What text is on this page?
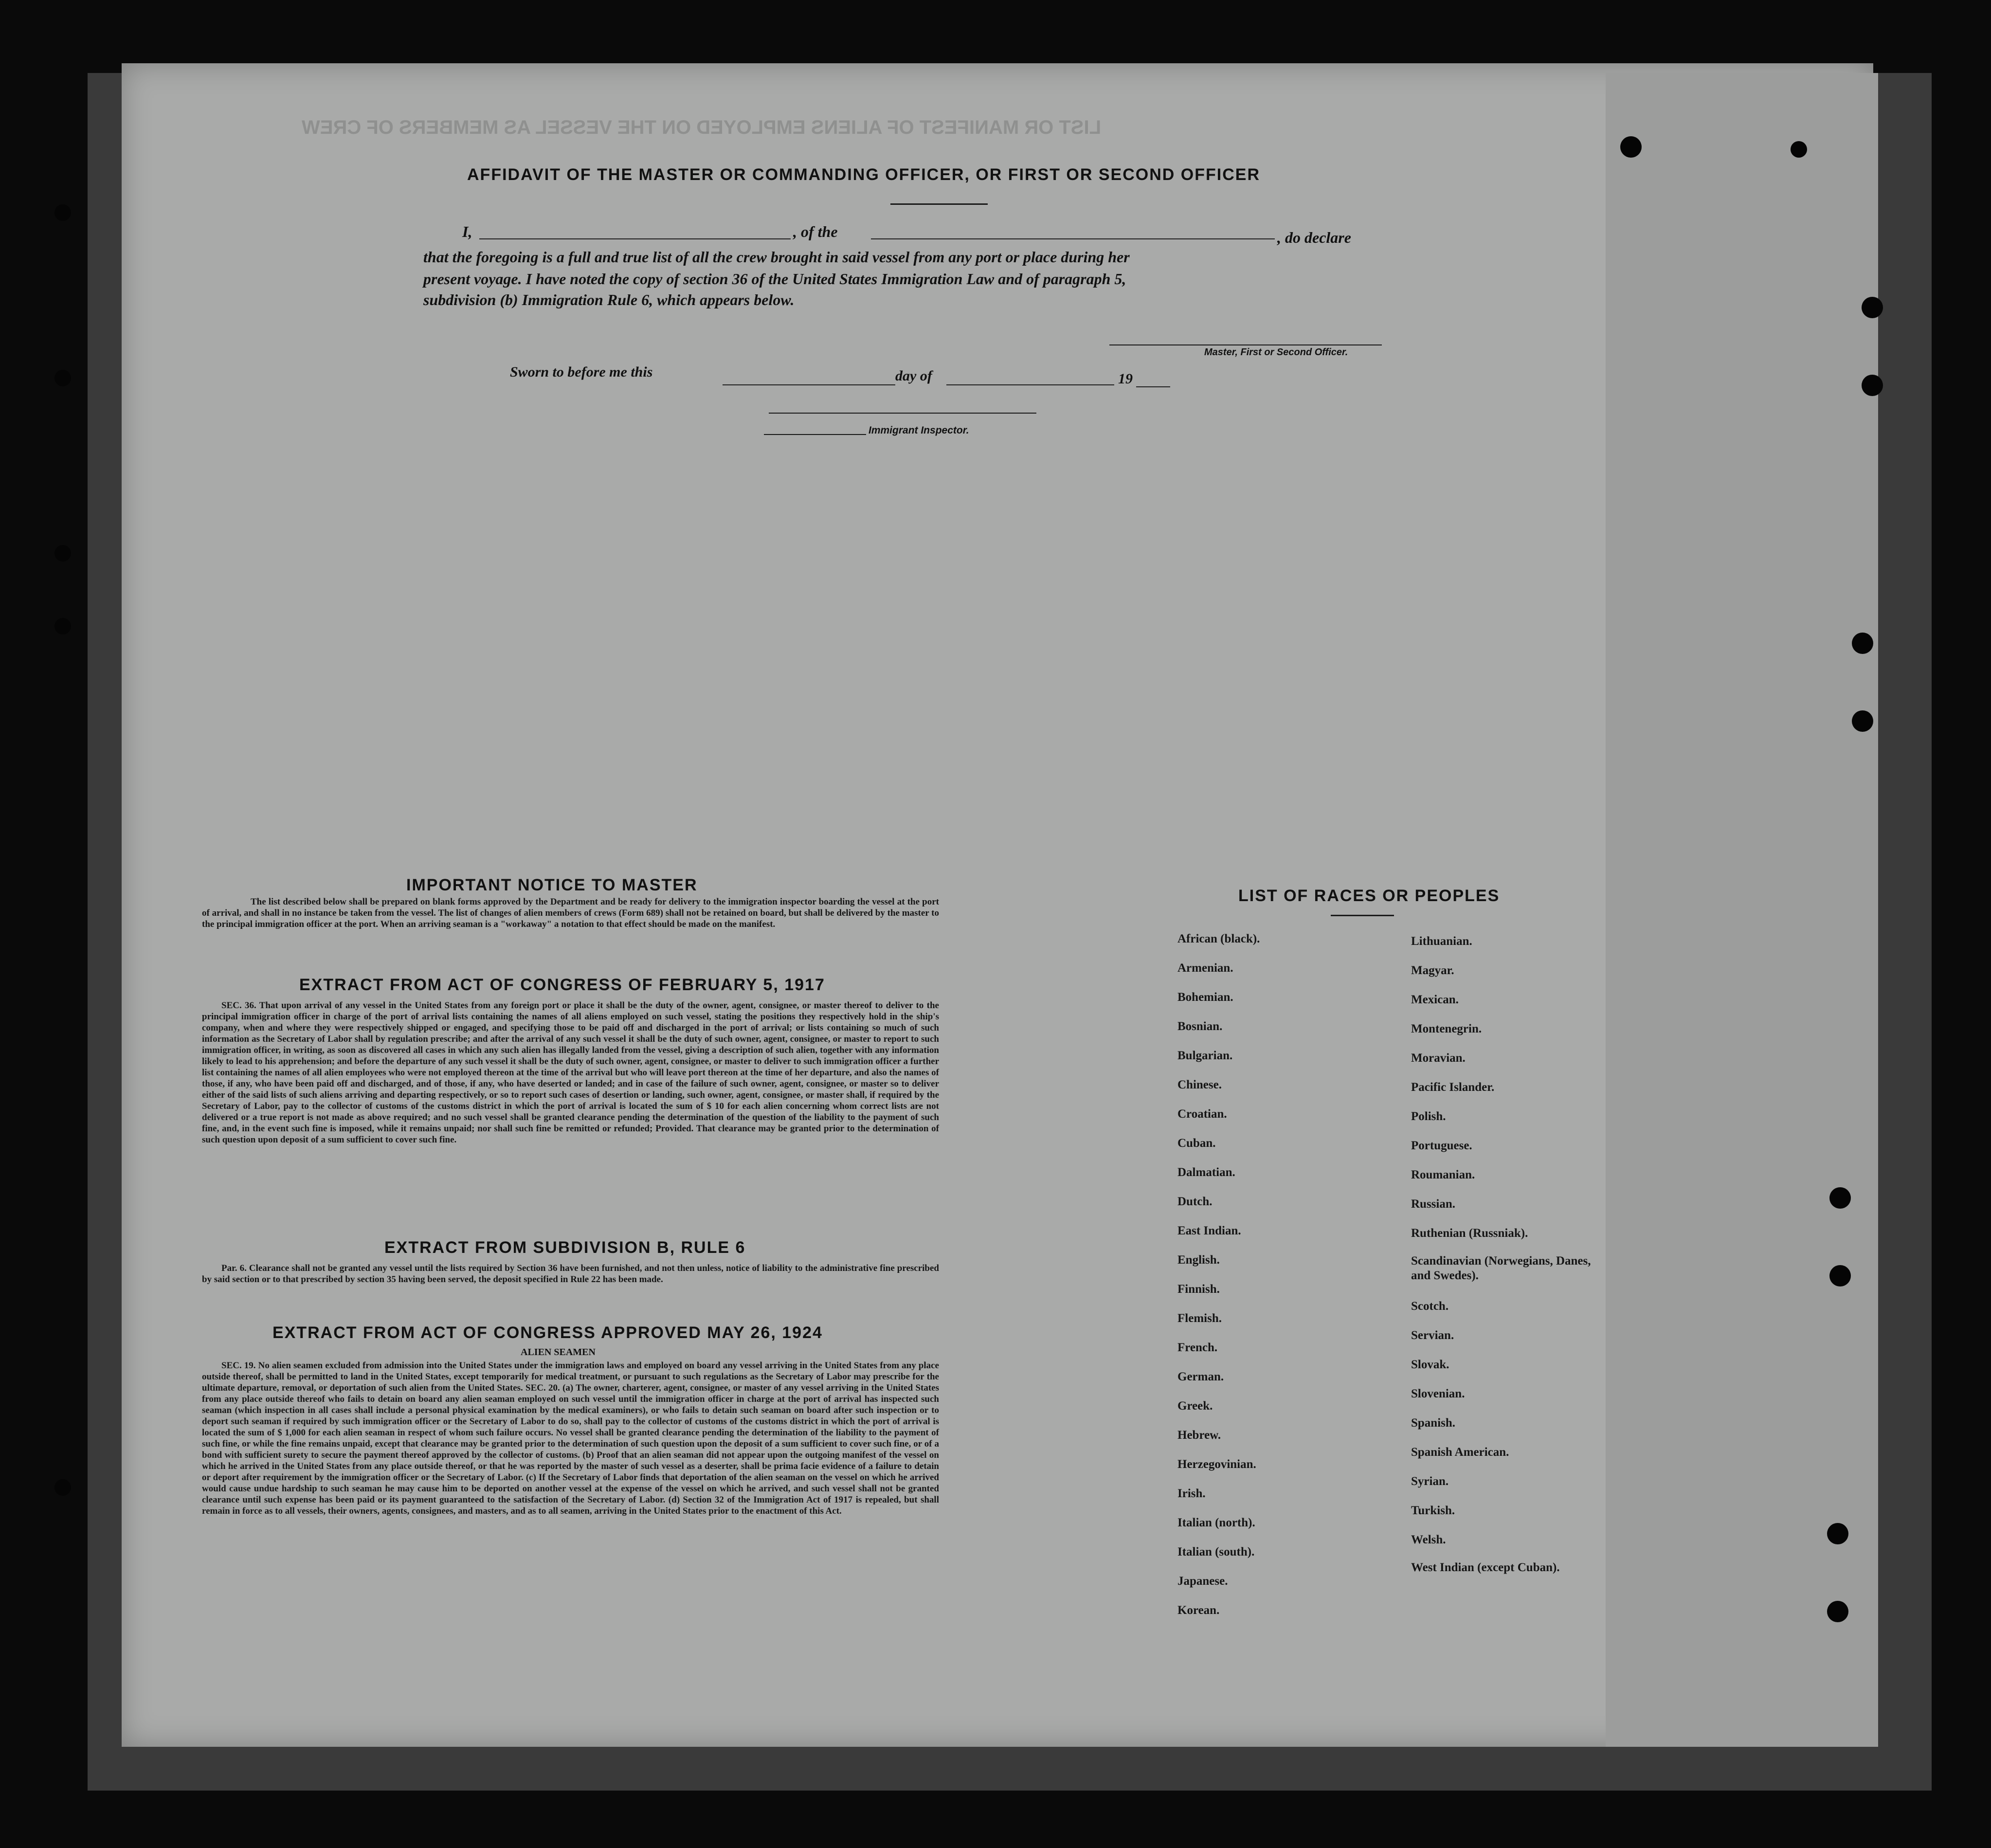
AFFIDAVIT OF THE MASTER OR COMMANDING OFFICER, OR FIRST OR SECOND OFFICER
I,	, of the	, do declare
that the foregoing is a full and true list of all the crew brought in said vessel from any port or place during her
present voyage. I have noted the copy of section 36 of the United States Immigration Law and of paragraph 5,
subdivision (b) Immigration Rule 6, which appears below.
Master, First or Second Officer.
Sworn to before me this	day of	19
Immigrant Inspector.
LIST OR MANIFEST OF ALIENS EMPLOYED ON THE VESSEL AS MEMBERS OF CREW
IMPORTANT NOTICE TO MASTER
The list described below shall be prepared on blank forms approved by the Department and be ready for delivery to the immigration inspector boarding the vessel at the port of arrival, and shall in no instance be taken from the vessel. The list of changes of alien members of crews (Form 689) shall not be retained on board, but shall be delivered by the master to the principal immigration officer at the port. When an arriving seaman is a "workaway" a notation to that effect should be made on the manifest.
EXTRACT FROM ACT OF CONGRESS OF FEBRUARY 5, 1917
SEC. 36. That upon arrival of any vessel in the United States from any foreign port or place it shall be the duty of the owner, agent, consignee, or master thereof to deliver to the principal immigration officer in charge of the port of arrival lists containing the names of all aliens employed on such vessel, stating the positions they respectively hold in the ship's company, when and where they were respectively shipped or engaged, and specifying those to be paid off and discharged in the port of arrival; or lists containing so much of such information as the Secretary of Labor shall by regulation prescribe; and after the arrival of any such vessel it shall be the duty of such owner, agent, consignee, or master to report to such immigration officer, in writing, as soon as discovered all cases in which any such alien has illegally landed from the vessel, giving a description of such alien, together with any information likely to lead to his apprehension; and before the departure of any such vessel it shall be the duty of such owner, agent, consignee, or master to deliver to such immigration officer a further list containing the names of all alien employees who were not employed thereon at the time of the arrival but who will leave port thereon at the time of her departure, and also the names of those, if any, who have been paid off and discharged, and of those, if any, who have deserted or landed; and in case of the failure of such owner, agent, consignee, or master so to deliver either of the said lists of such aliens arriving and departing respectively, or so to report such cases of desertion or landing, such owner, agent, consignee, or master shall, if required by the Secretary of Labor, pay to the collector of customs of the customs district in which the port of arrival is located the sum of $ 10 for each alien concerning whom correct lists are not delivered or a true report is not made as above required; and no such vessel shall be granted clearance pending the determination of the question of the liability to the payment of such fine, and, in the event such fine is imposed, while it remains unpaid; nor shall such fine be remitted or refunded; Provided. That clearance may be granted prior to the determination of such question upon deposit of a sum sufficient to cover such fine.
EXTRACT FROM SUBDIVISION B, RULE 6
Par. 6. Clearance shall not be granted any vessel until the lists required by Section 36 have been furnished, and not then unless, notice of liability to the administrative fine prescribed by said section or to that prescribed by section 35 having been served, the deposit specified in Rule 22 has been made.
EXTRACT FROM ACT OF CONGRESS APPROVED MAY 26, 1924
ALIEN SEAMEN
SEC. 19. No alien seamen excluded from admission into the United States under the immigration laws and employed on board any vessel arriving in the United States from any place outside thereof, shall be permitted to land in the United States, except temporarily for medical treatment, or pursuant to such regulations as the Secretary of Labor may prescribe for the ultimate departure, removal, or deportation of such alien from the United States. SEC. 20. (a) The owner, charterer, agent, consignee, or master of any vessel arriving in the United States from any place outside thereof who fails to detain on board any alien seaman employed on such vessel until the immigration officer in charge at the port of arrival has inspected such seaman (which inspection in all cases shall include a personal physical examination by the medical examiners), or who fails to detain such seaman on board after such inspection or to deport such seaman if required by such immigration officer or the Secretary of Labor to do so, shall pay to the collector of customs of the customs district in which the port of arrival is located the sum of $ 1,000 for each alien seaman in respect of whom such failure occurs. No vessel shall be granted clearance pending the determination of the liability to the payment of such fine, or while the fine remains unpaid, except that clearance may be granted prior to the determination of such question upon the deposit of a sum sufficient to cover such fine, or of a bond with sufficient surety to secure the payment thereof approved by the collector of customs. (b) Proof that an alien seaman did not appear upon the outgoing manifest of the vessel on which he arrived in the United States from any place outside thereof, or that he was reported by the master of such vessel as a deserter, shall be prima facie evidence of a failure to detain or deport after requirement by the immigration officer or the Secretary of Labor. (c) If the Secretary of Labor finds that deportation of the alien seaman on the vessel on which he arrived would cause undue hardship to such seaman he may cause him to be deported on another vessel at the expense of the vessel on which he arrived, and such vessel shall not be granted clearance until such expense has been paid or its payment guaranteed to the satisfaction of the Secretary of Labor. (d) Section 32 of the Immigration Act of 1917 is repealed, but shall remain in force as to all vessels, their owners, agents, consignees, and masters, and as to all seamen, arriving in the United States prior to the enactment of this Act.
LIST OF RACES OR PEOPLES
African (black).
Armenian.
Bohemian.
Bosnian.
Bulgarian.
Chinese.
Croatian.
Cuban.
Dalmatian.
Dutch.
East Indian.
English.
Finnish.
Flemish.
French.
German.
Greek.
Hebrew.
Herzegovinian.
Irish.
Italian (north).
Italian (south).
Japanese.
Korean.
Lithuanian.
Magyar.
Mexican.
Montenegrin.
Moravian.
Pacific Islander.
Polish.
Portuguese.
Roumanian.
Russian.
Ruthenian (Russniak).
Scandinavian (Norwegians, Danes, and Swedes).
Scotch.
Servian.
Slovak.
Slovenian.
Spanish.
Spanish American.
Syrian.
Turkish.
Welsh.
West Indian (except Cuban).
